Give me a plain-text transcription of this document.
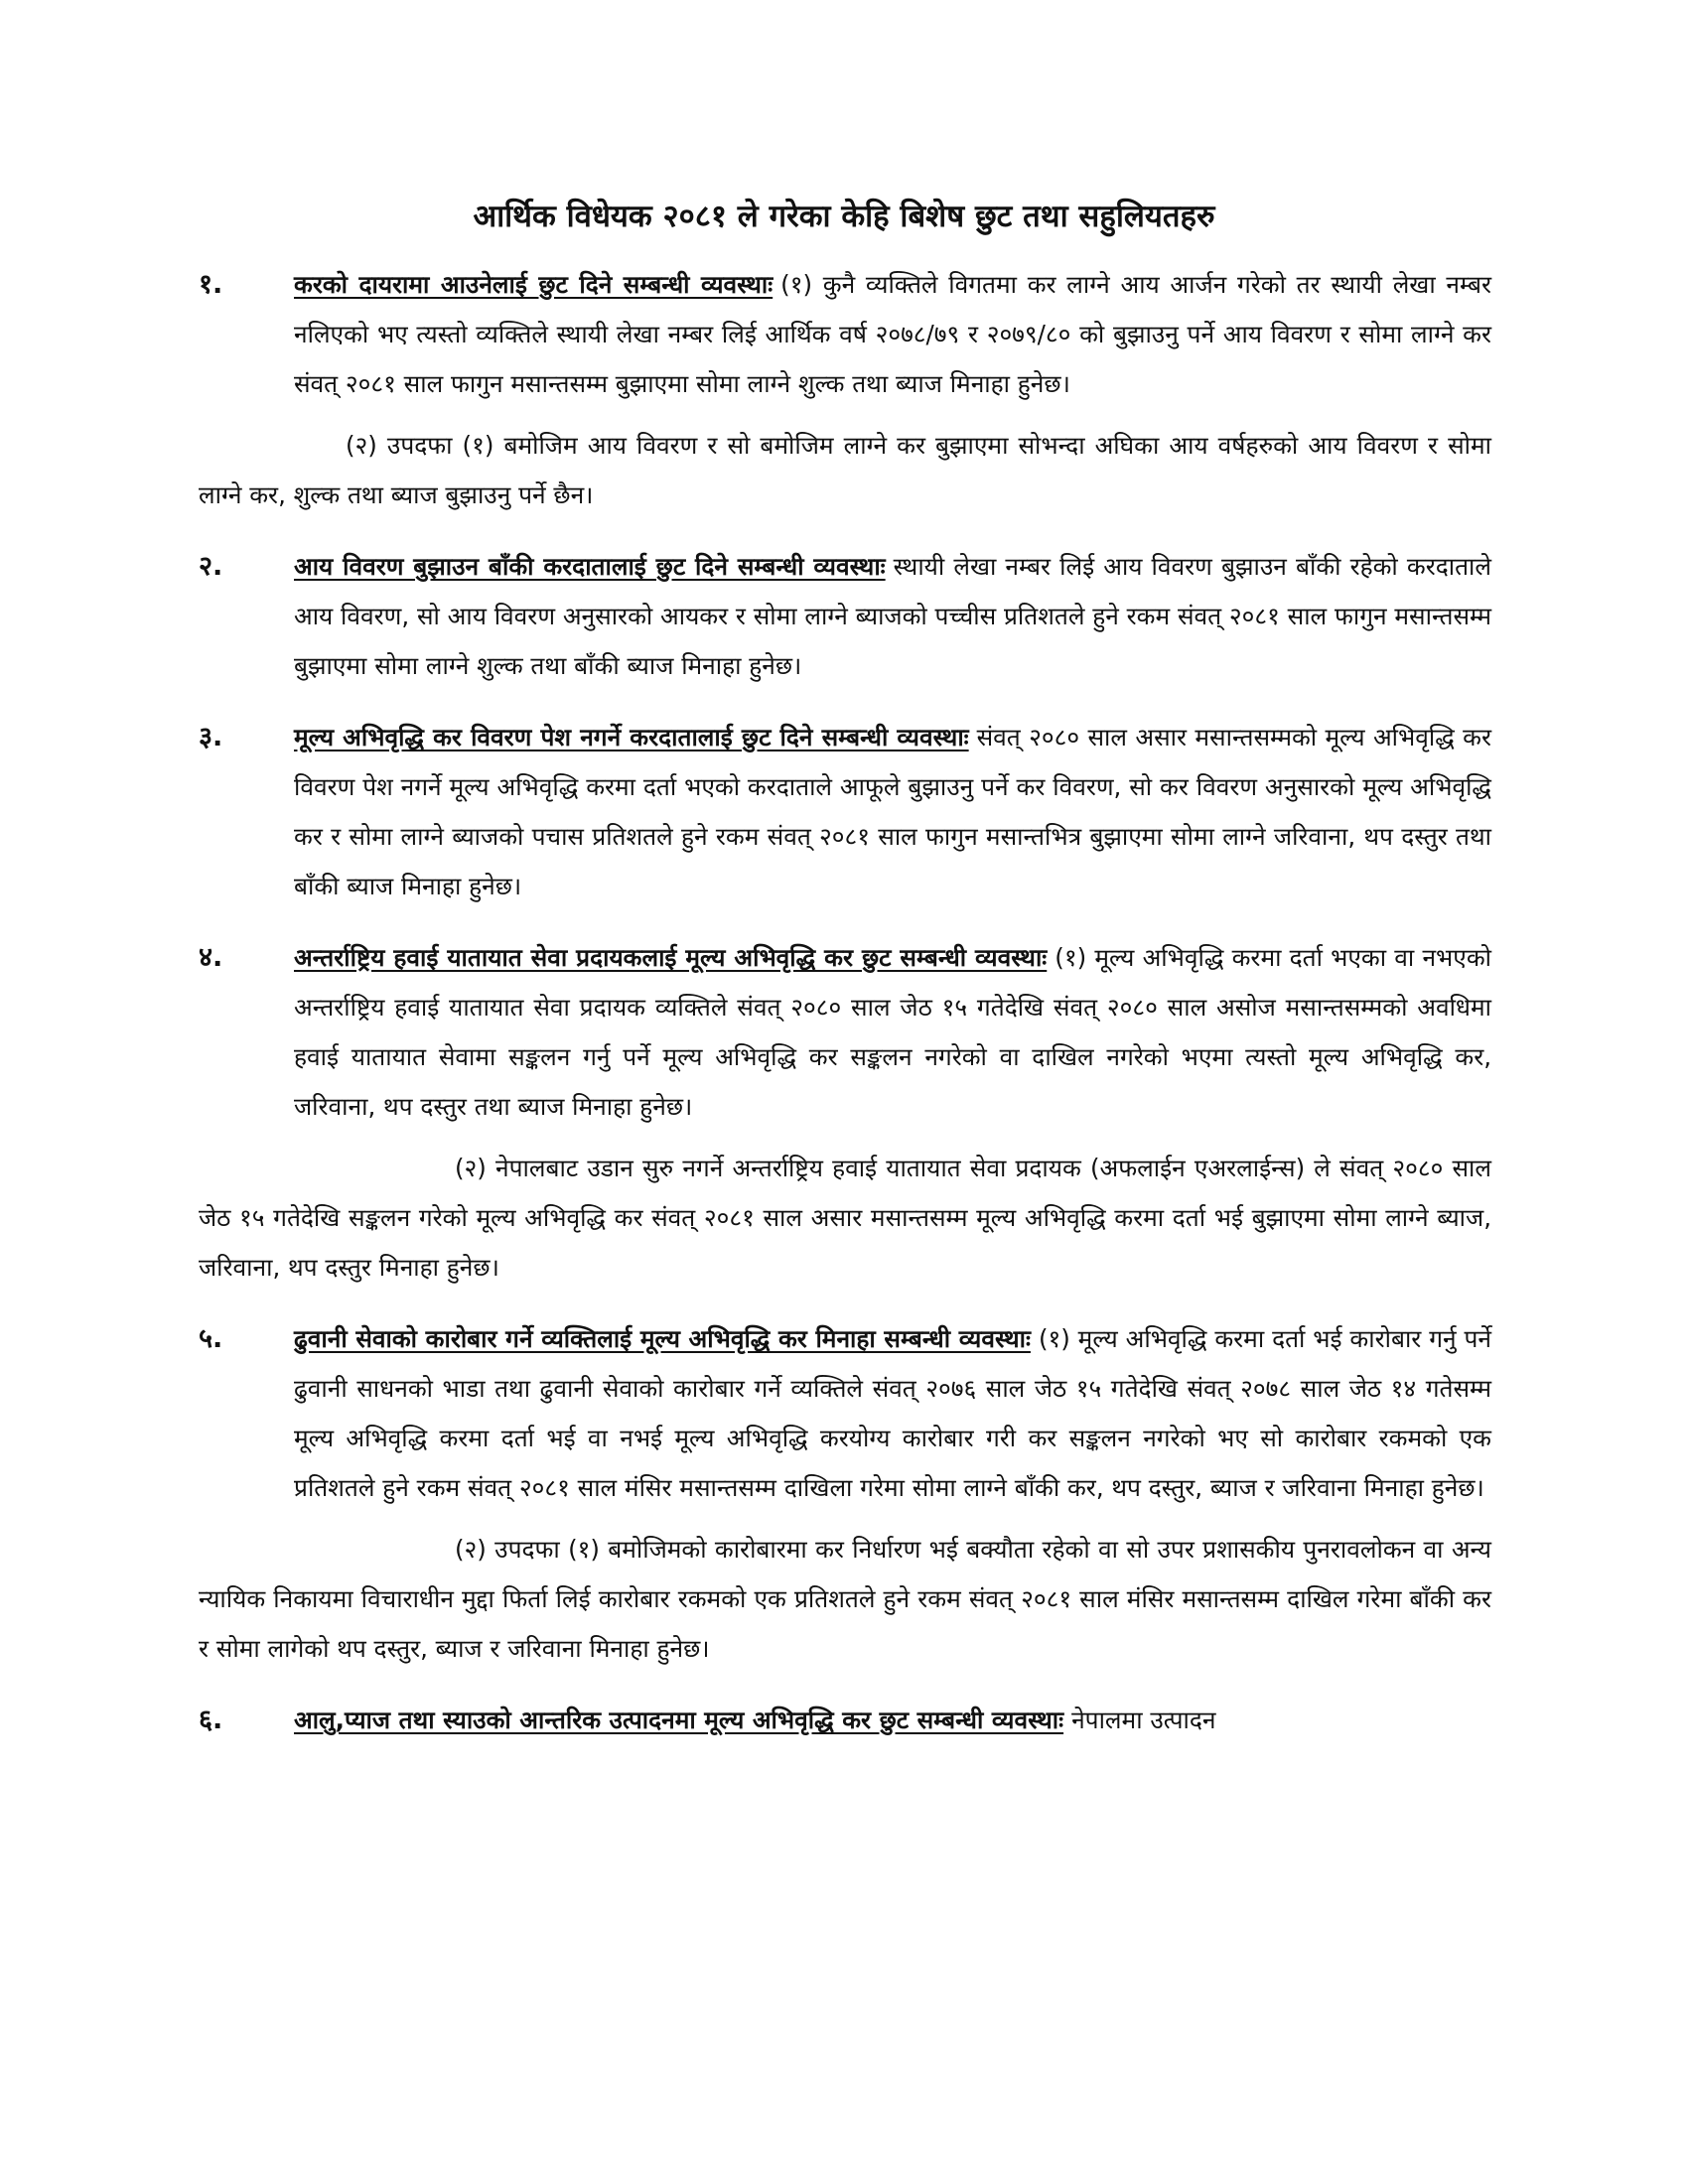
आर्थिक विधेयक २०८१ ले गरेका केहि बिशेष छुट तथा सहुलियतहरु
१.	करको दायरामा आउनेलाई छुट दिने सम्बन्धी व्यवस्थाः (१) कुनै व्यक्तिले विगतमा कर लाग्ने आय आर्जन गरेको तर स्थायी लेखा नम्बर नलिएको भए त्यस्तो व्यक्तिले स्थायी लेखा नम्बर लिई आर्थिक वर्ष २०७८/७९ र २०७९/८० को बुझाउनु पर्ने आय विवरण र सोमा लाग्ने कर संवत् २०८१ साल फागुन मसान्तसम्म बुझाएमा सोमा लाग्ने शुल्क तथा ब्याज मिनाहा हुनेछ।

(२) उपदफा (१) बमोजिम आय विवरण र सो बमोजिम लाग्ने कर बुझाएमा सोभन्दा अघिका आय वर्षहरुको आय विवरण र सोमा लाग्ने कर, शुल्क तथा ब्याज बुझाउनु पर्ने छैन।

२.	आय विवरण बुझाउन बाँकी करदातालाई छुट दिने सम्बन्धी व्यवस्थाः स्थायी लेखा नम्बर लिई आय विवरण बुझाउन बाँकी रहेको करदाताले आय विवरण, सो आय विवरण अनुसारको आयकर र सोमा लाग्ने ब्याजको पच्चीस प्रतिशतले हुने रकम संवत् २०८१ साल फागुन मसान्तसम्म बुझाएमा सोमा लाग्ने शुल्क तथा बाँकी ब्याज मिनाहा हुनेछ।

३.	मूल्य अभिवृद्धि कर विवरण पेश नगर्ने करदातालाई छुट दिने सम्बन्धी व्यवस्थाः संवत् २०८० साल असार मसान्तसम्मको मूल्य अभिवृद्धि कर विवरण पेश नगर्ने मूल्य अभिवृद्धि करमा दर्ता भएको करदाताले आफूले बुझाउनु पर्ने कर विवरण, सो कर विवरण अनुसारको मूल्य अभिवृद्धि कर र सोमा लाग्ने ब्याजको पचास प्रतिशतले हुने रकम संवत् २०८१ साल फागुन मसान्तभित्र बुझाएमा सोमा लाग्ने जरिवाना, थप दस्तुर तथा बाँकी ब्याज मिनाहा हुनेछ।

४.	अन्तर्राष्ट्रिय हवाई यातायात सेवा प्रदायकलाई मूल्य अभिवृद्धि कर छुट सम्बन्धी व्यवस्थाः (१) मूल्य अभिवृद्धि करमा दर्ता भएका वा नभएको अन्तर्राष्ट्रिय हवाई यातायात सेवा प्रदायक व्यक्तिले संवत् २०८० साल जेठ १५ गतेदेखि संवत् २०८० साल असोज मसान्तसम्मको अवधिमा हवाई यातायात सेवामा सङ्कलन गर्नु पर्ने मूल्य अभिवृद्धि कर सङ्कलन नगरेको वा दाखिल नगरेको भएमा त्यस्तो मूल्य अभिवृद्धि कर, जरिवाना, थप दस्तुर तथा ब्याज मिनाहा हुनेछ।

(२) नेपालबाट उडान सुरु नगर्ने अन्तर्राष्ट्रिय हवाई यातायात सेवा प्रदायक (अफलाईन एअरलाईन्स) ले संवत् २०८० साल जेठ १५ गतेदेखि सङ्कलन गरेको मूल्य अभिवृद्धि कर संवत् २०८१ साल असार मसान्तसम्म मूल्य अभिवृद्धि करमा दर्ता भई बुझाएमा सोमा लाग्ने ब्याज, जरिवाना, थप दस्तुर मिनाहा हुनेछ।

५.	ढुवानी सेवाको कारोबार गर्ने व्यक्तिलाई मूल्य अभिवृद्धि कर मिनाहा सम्बन्धी व्यवस्थाः (१) मूल्य अभिवृद्धि करमा दर्ता भई कारोबार गर्नु पर्ने ढुवानी साधनको भाडा तथा ढुवानी सेवाको कारोबार गर्ने व्यक्तिले संवत् २०७६ साल जेठ १५ गतेदेखि संवत् २०७८ साल जेठ १४ गतेसम्म मूल्य अभिवृद्धि करमा दर्ता भई वा नभई मूल्य अभिवृद्धि करयोग्य कारोबार गरी कर सङ्कलन नगरेको भए सो कारोबार रकमको एक प्रतिशतले हुने रकम संवत् २०८१ साल मंसिर मसान्तसम्म दाखिला गरेमा सोमा लाग्ने बाँकी कर, थप दस्तुर, ब्याज र जरिवाना मिनाहा हुनेछ।

(२) उपदफा (१) बमोजिमको कारोबारमा कर निर्धारण भई बक्यौता रहेको वा सो उपर प्रशासकीय पुनरावलोकन वा अन्य न्यायिक निकायमा विचाराधीन मुद्दा फिर्ता लिई कारोबार रकमको एक प्रतिशतले हुने रकम संवत् २०८१ साल मंसिर मसान्तसम्म दाखिल गरेमा बाँकी कर र सोमा लागेको थप दस्तुर, ब्याज र जरिवाना मिनाहा हुनेछ।

६.	आलु,प्याज तथा स्याउको आन्तरिक उत्पादनमा मूल्य अभिवृद्धि कर छुट सम्बन्धी व्यवस्थाः नेपालमा उत्पादन
